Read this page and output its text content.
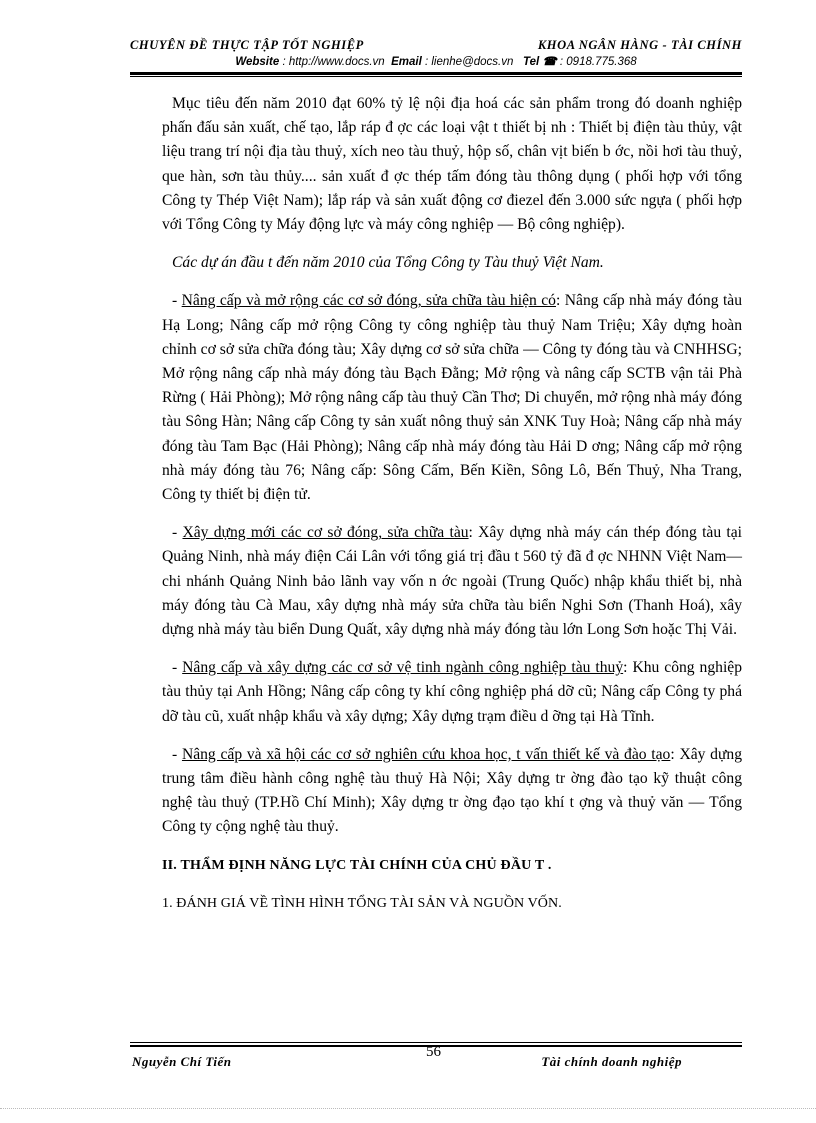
CHUYÊN ĐỀ THỰC TẬP TỐT NGHIỆP	KHOA NGÂN HÀNG - TÀI CHÍNH
Website : http://www.docs.vn Email : lienhe@docs.vn Tel ☎ : 0918.775.368

Mục tiêu đến năm 2010 đạt 60% tỷ lệ nội địa hoá các sản phẩm trong đó doanh nghiệp phấn đấu sản xuất, chế tạo, lắp ráp đ ợc các loại vật t thiết bị nh : Thiết bị điện tàu thủy, vật liệu trang trí nội địa tàu thuỷ, xích neo tàu thuỷ, hộp số, chân vịt biến b ớc, nồi hơi tàu thuỷ, que hàn, sơn tàu thủy.... sản xuất đ ợc thép tấm đóng tàu thông dụng ( phối hợp với tổng Công ty Thép Việt Nam); lắp ráp và sản xuất động cơ điezel đến 3.000 sức ngựa ( phối hợp với Tổng Công ty Máy động lực và máy công nghiệp — Bộ công nghiệp).

Các dự án đầu t đến năm 2010 của Tổng Công ty Tàu thuỷ Việt Nam.

- Nâng cấp và mở rộng các cơ sở đóng, sửa chữa tàu hiện có: Nâng cấp nhà máy đóng tàu Hạ Long; Nâng cấp mở rộng Công ty công nghiệp tàu thuỷ Nam Triệu; Xây dựng hoàn chỉnh cơ sở sửa chữa đóng tàu; Xây dựng cơ sở sửa chữa — Công ty đóng tàu và CNHHSG; Mở rộng nâng cấp nhà máy đóng tàu Bạch Đằng; Mở rộng và nâng cấp SCTB vận tải Phà Rừng ( Hải Phòng); Mở rộng nâng cấp tàu thuỷ Cần Thơ; Di chuyển, mở rộng nhà máy đóng tàu Sông Hàn; Nâng cấp Công ty sản xuất nông thuỷ sản XNK Tuy Hoà; Nâng cấp nhà máy đóng tàu Tam Bạc (Hải Phòng); Nâng cấp nhà máy đóng tàu Hải D ơng; Nâng cấp mở rộng nhà máy đóng tàu 76; Nâng cấp: Sông Cấm, Bến Kiền, Sông Lô, Bến Thuỷ, Nha Trang, Công ty thiết bị điện tử.

- Xây dựng mới các cơ sở đóng, sửa chữa tàu: Xây dựng nhà máy cán thép đóng tàu tại Quảng Ninh, nhà máy điện Cái Lân với tổng giá trị đầu t 560 tỷ đã đ ợc NHNN Việt Nam— chi nhánh Quảng Ninh bảo lãnh vay vốn n ớc ngoài (Trung Quốc) nhập khẩu thiết bị, nhà máy đóng tàu Cà Mau, xây dựng nhà máy sửa chữa tàu biển Nghi Sơn (Thanh Hoá), xây dựng nhà máy tàu biển Dung Quất, xây dựng nhà máy đóng tàu lớn Long Sơn hoặc Thị Vải.

- Nâng cấp và xây dựng các cơ sở vệ tinh ngành công nghiệp tàu thuỷ: Khu công nghiệp tàu thủy tại Anh Hồng; Nâng cấp công ty khí công nghiệp phá dỡ cũ; Nâng cấp Công ty phá dỡ tàu cũ, xuất nhập khẩu và xây dựng; Xây dựng trạm điều d ỡng tại Hà Tĩnh.

- Nâng cấp và xã hội các cơ sở nghiên cứu khoa học, t vấn thiết kế và đào tạo: Xây dựng trung tâm điều hành công nghệ tàu thuỷ Hà Nội; Xây dựng tr ờng đào tạo kỹ thuật công nghệ tàu thuỷ (TP.Hồ Chí Minh); Xây dựng tr ờng đạo tạo khí t ợng và thuỷ văn — Tổng Công ty cộng nghệ tàu thuỷ.

II. THẨM ĐỊNH NĂNG LỰC TÀI CHÍNH CỦA CHỦ ĐẦU T .

1. ĐÁNH GIÁ VỀ TÌNH HÌNH TỔNG TÀI SẢN VÀ NGUỒN VỐN.

Nguyễn Chí Tiến
56
Tài chính doanh nghiệp
